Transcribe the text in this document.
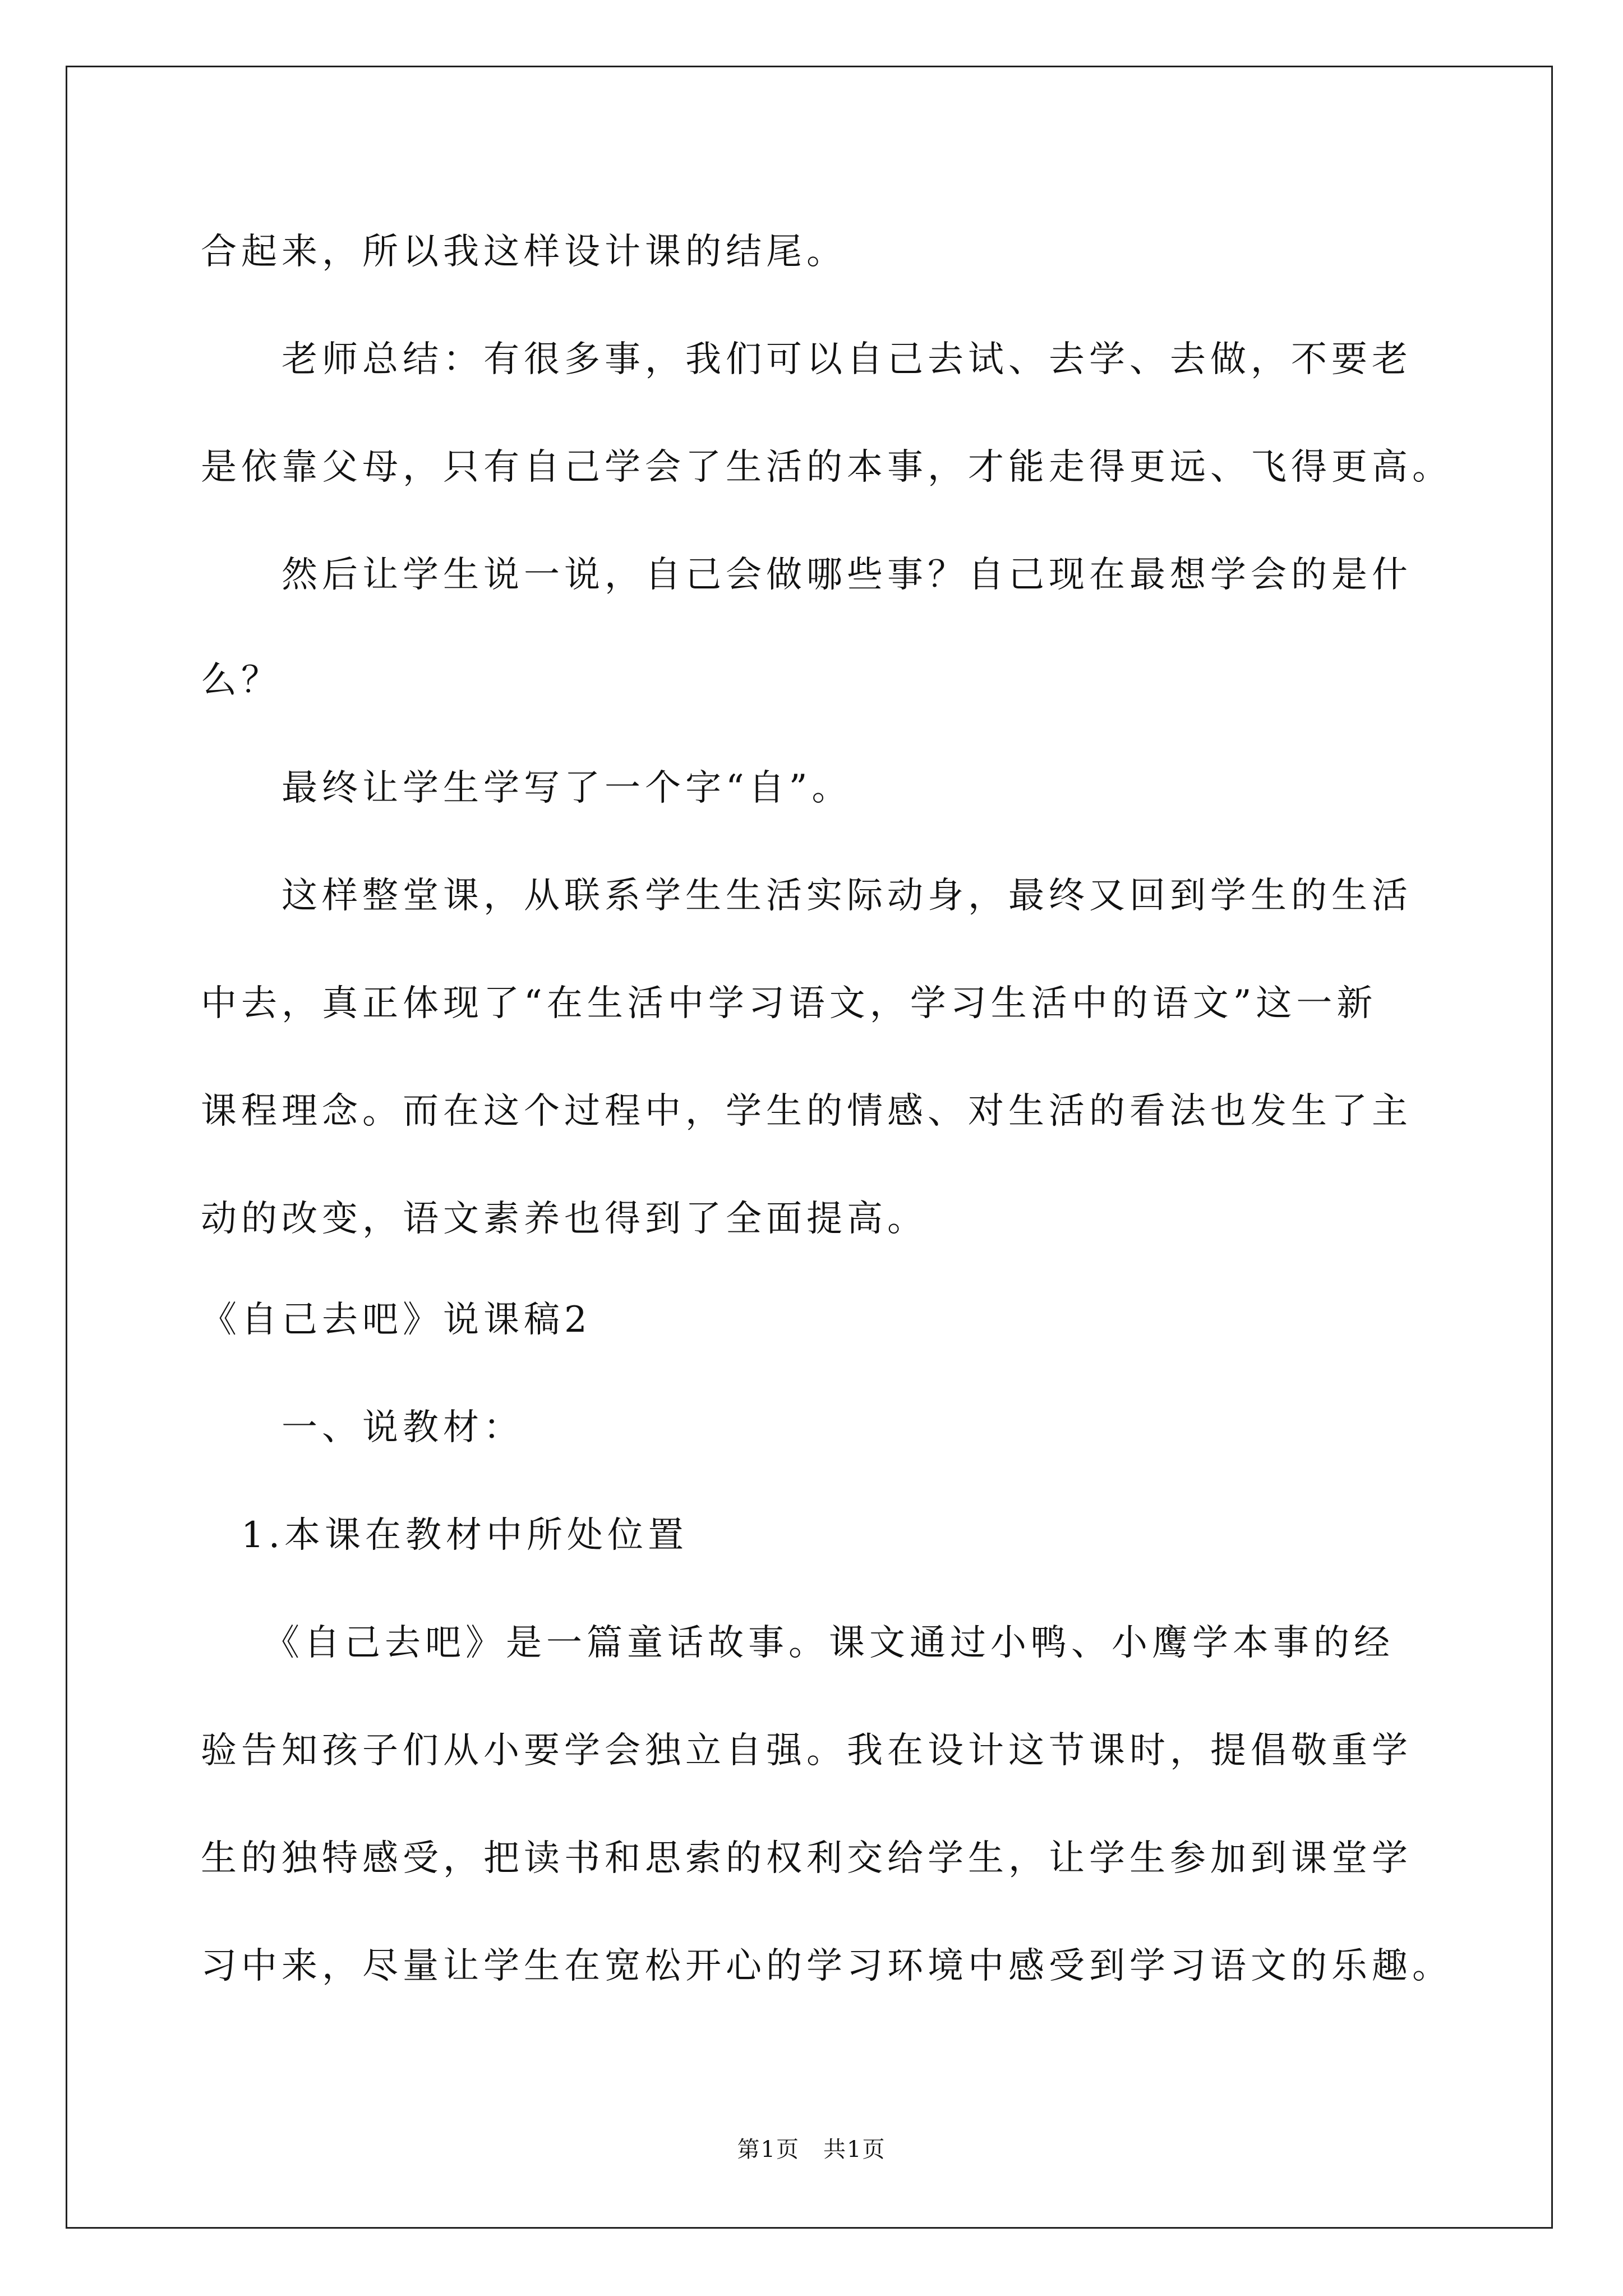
合起来，所以我这样设计课的结尾。
　　老师总结：有很多事，我们可以自己去试、去学、去做，不要老
是依靠父母，只有自己学会了生活的本事，才能走得更远、飞得更高。
　　然后让学生说一说，自己会做哪些事？自己现在最想学会的是什
么？
　　最终让学生学写了一个字“自”。
　　这样整堂课，从联系学生生活实际动身，最终又回到学生的生活
中去，真正体现了“在生活中学习语文，学习生活中的语文”这一新
课程理念。而在这个过程中，学生的情感、对生活的看法也发生了主
动的改变，语文素养也得到了全面提高。
《自己去吧》说课稿2
　　一、说教材：
　1.本课在教材中所处位置
　　《自己去吧》是一篇童话故事。课文通过小鸭、小鹰学本事的经
验告知孩子们从小要学会独立自强。我在设计这节课时，提倡敬重学
生的独特感受，把读书和思索的权利交给学生，让学生参加到课堂学
习中来，尽量让学生在宽松开心的学习环境中感受到学习语文的乐趣。
第1页　共1页
